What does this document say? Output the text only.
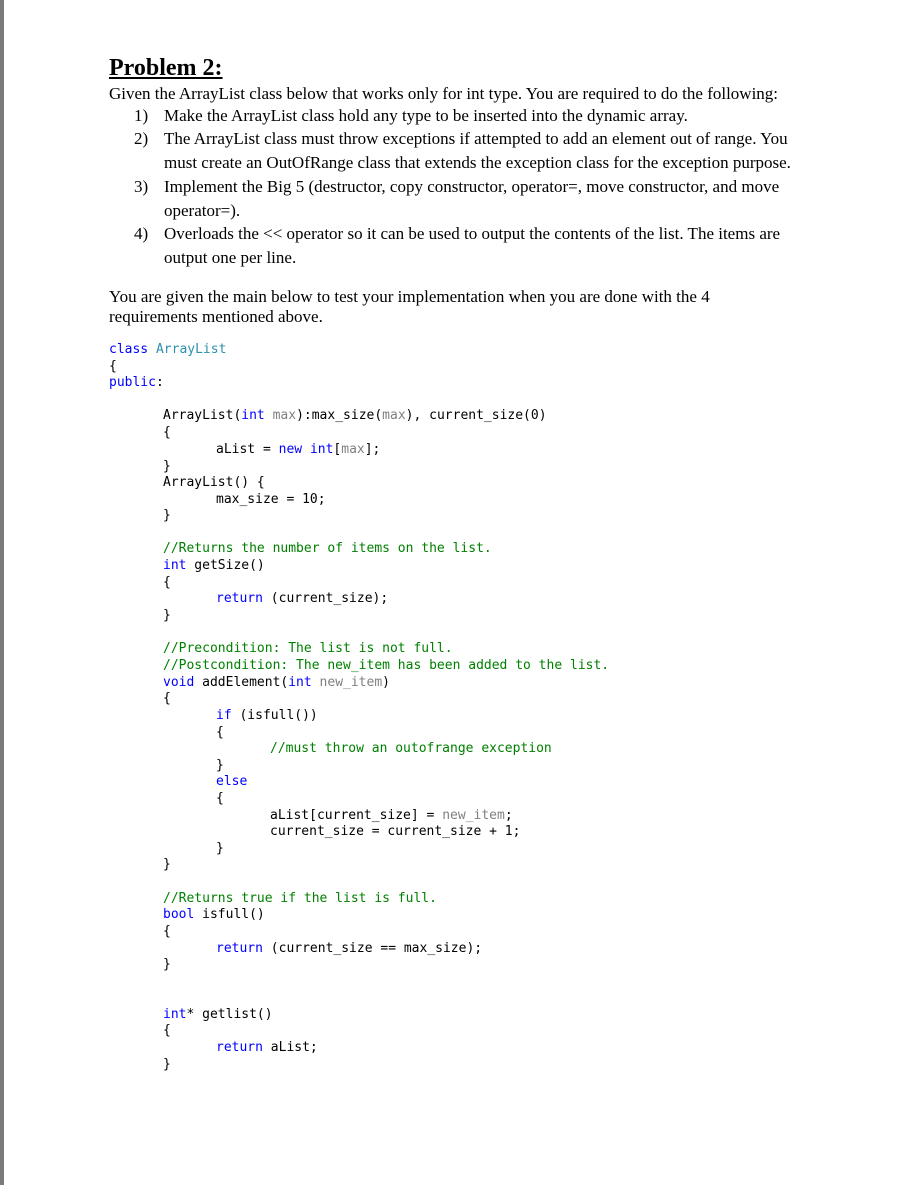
Problem 2:
Given the ArrayList class below that works only for int type. You are required to do the following:
1) Make the ArrayList class hold any type to be inserted into the dynamic array.
2) The ArrayList class must throw exceptions if attempted to add an element out of range. You
must create an OutOfRange class that extends the exception class for the exception purpose.
3) Implement the Big 5 (destructor, copy constructor, operator=, move constructor, and move
operator=).
4) Overloads the << operator so it can be used to output the contents of the list. The items are
output one per line.
You are given the main below to test your implementation when you are done with the 4
requirements mentioned above.
class ArrayList
{
public:
ArrayList(int max):max_size(max), current_size(0)
{
aList = new int[max];
}
ArrayList() {
max_size = 10;
}
//Returns the number of items on the list.
int getSize()
{
return (current_size);
}
//Precondition: The list is not full.
//Postcondition: The new_item has been added to the list.
void addElement(int new_item)
{
if (isfull())
{
//must throw an outofrange exception
}
else
{
aList[current_size] = new_item;
current_size = current_size + 1;
}
}
//Returns true if the list is full.
bool isfull()
{
return (current_size == max_size);
}
int* getlist()
{
return aList;
}
